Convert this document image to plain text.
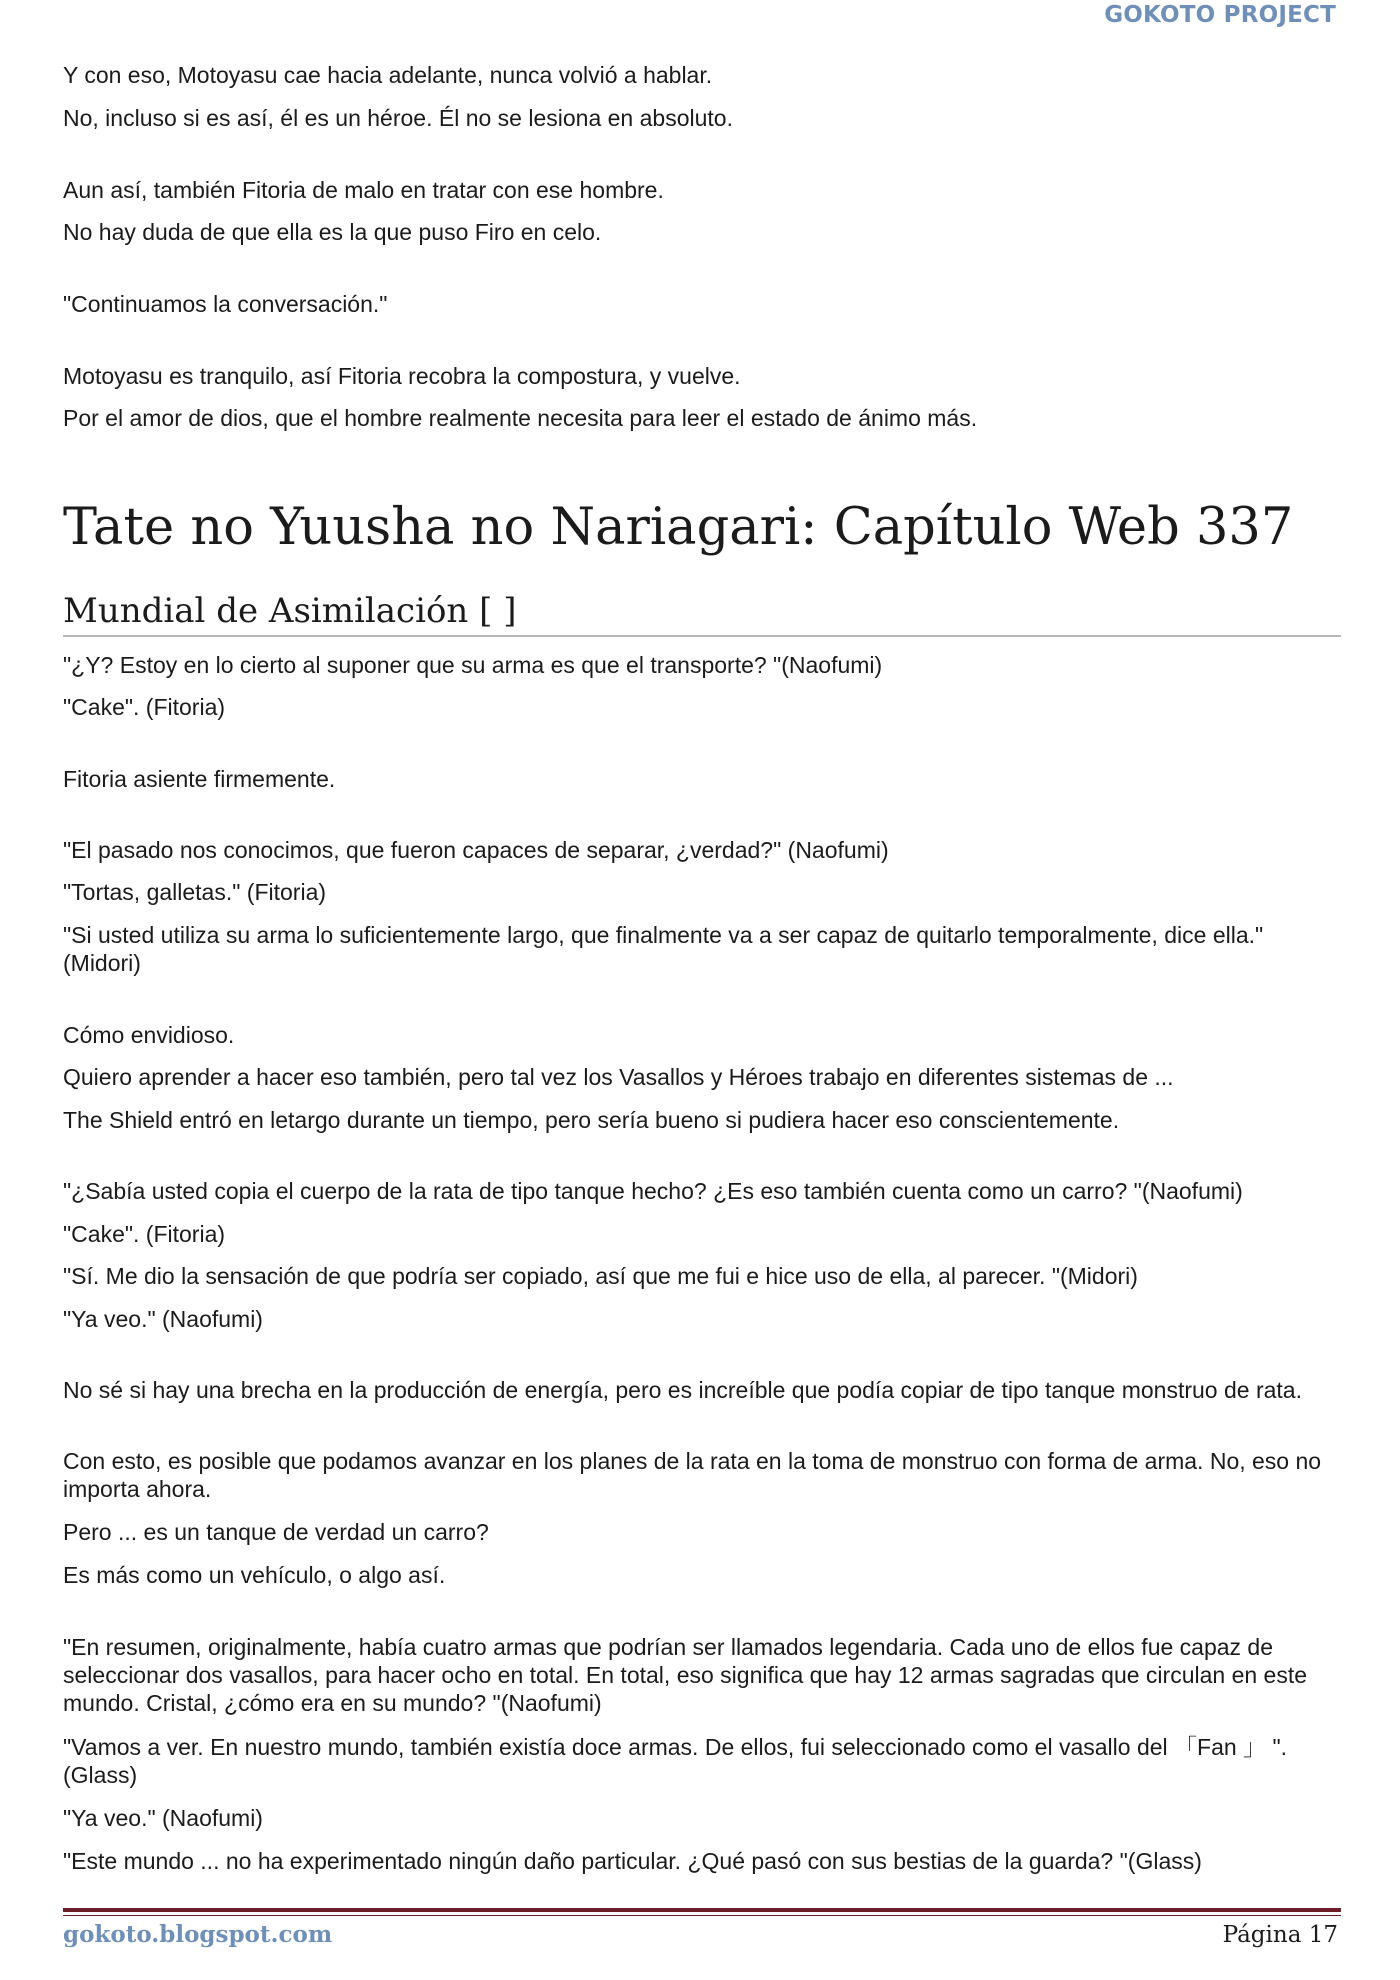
GOKOTO PROJECT

Y con eso, Motoyasu cae hacia adelante, nunca volvió a hablar.

No, incluso si es así, él es un héroe. Él no se lesiona en absoluto.

Aun así, también Fitoria de malo en tratar con ese hombre.

No hay duda de que ella es la que puso Firo en celo.

"Continuamos la conversación."

Motoyasu es tranquilo, así Fitoria recobra la compostura, y vuelve.

Por el amor de dios, que el hombre realmente necesita para leer el estado de ánimo más.

Tate no Yuusha no Nariagari: Capítulo Web 337
Mundial de Asimilación [ ]

"¿Y? Estoy en lo cierto al suponer que su arma es que el transporte? "(Naofumi)

"Cake". (Fitoria)

Fitoria asiente firmemente.

"El pasado nos conocimos, que fueron capaces de separar, ¿verdad?" (Naofumi)

"Tortas, galletas." (Fitoria)

"Si usted utiliza su arma lo suficientemente largo, que finalmente va a ser capaz de quitarlo temporalmente, dice ella." (Midori)

Cómo envidioso.

Quiero aprender a hacer eso también, pero tal vez los Vasallos y Héroes trabajo en diferentes sistemas de ...

The Shield entró en letargo durante un tiempo, pero sería bueno si pudiera hacer eso conscientemente.

"¿Sabía usted copia el cuerpo de la rata de tipo tanque hecho? ¿Es eso también cuenta como un carro? "(Naofumi)

"Cake". (Fitoria)

"Sí. Me dio la sensación de que podría ser copiado, así que me fui e hice uso de ella, al parecer. "(Midori)

"Ya veo." (Naofumi)

No sé si hay una brecha en la producción de energía, pero es increíble que podía copiar de tipo tanque monstruo de rata.

Con esto, es posible que podamos avanzar en los planes de la rata en la toma de monstruo con forma de arma. No, eso no importa ahora.

Pero ... es un tanque de verdad un carro?

Es más como un vehículo, o algo así.

"En resumen, originalmente, había cuatro armas que podrían ser llamados legendaria. Cada uno de ellos fue capaz de seleccionar dos vasallos, para hacer ocho en total. En total, eso significa que hay 12 armas sagradas que circulan en este mundo. Cristal, ¿cómo era en su mundo? "(Naofumi)

"Vamos a ver. En nuestro mundo, también existía doce armas. De ellos, fui seleccionado como el vasallo del 「Fan 」 ". (Glass)

"Ya veo." (Naofumi)

"Este mundo ... no ha experimentado ningún daño particular. ¿Qué pasó con sus bestias de la guarda? "(Glass)

gokoto.blogspot.com	Página 17
